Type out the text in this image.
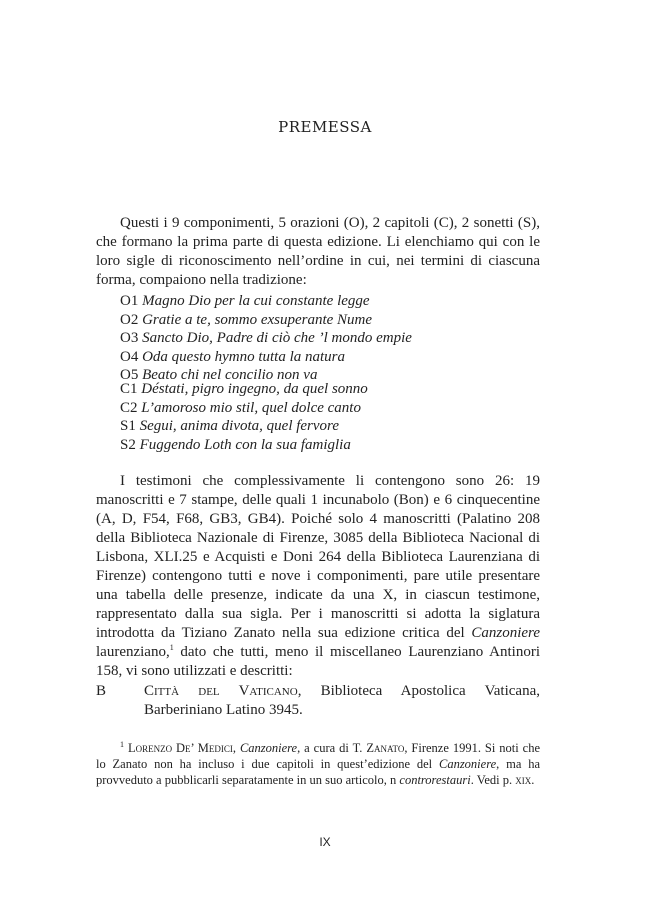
PREMESSA

Questi i 9 componimenti, 5 orazioni (O), 2 capitoli (C), 2 sonetti (S), che formano la prima parte di questa edizione. Li elenchiamo qui con le loro sigle di riconoscimento nell’ordine in cui, nei termini di ciascuna forma, compaiono nella tradizione:

O1 Magno Dio per la cui constante legge
O2 Gratie a te, sommo exsuperante Nume
O3 Sancto Dio, Padre di ciò che ’l mondo empie
O4 Oda questo hymno tutta la natura
O5 Beato chi nel concilio non va
C1 Déstati, pigro ingegno, da quel sonno
C2 L’amoroso mio stil, quel dolce canto
S1 Segui, anima divota, quel fervore
S2 Fuggendo Loth con la sua famiglia

I testimoni che complessivamente li contengono sono 26: 19 manoscritti e 7 stampe, delle quali 1 incunabolo (Bon) e 6 cinquecentine (A, D, F54, F68, GB3, GB4). Poiché solo 4 manoscritti (Palatino 208 della Biblioteca Nazionale di Firenze, 3085 della Biblioteca Nacional di Lisbona, XLI.25 e Acquisti e Doni 264 della Biblioteca Laurenziana di Firenze) contengono tutti e nove i componimenti, pare utile presentare una tabella delle presenze, indicate da una X, in ciascun testimone, rappresentato dalla sua sigla. Per i manoscritti si adotta la siglatura introdotta da Tiziano Zanato nella sua edizione critica del Canzoniere laurenziano,$^1$ dato che tutti, meno il miscellaneo Laurenziano Antinori 158, vi sono utilizzati e descritti:

B	Città del Vaticano, Biblioteca Apostolica Vaticana, Barberiniano Latino 3945.

$^1$ Lorenzo De’ Medici, Canzoniere, a cura di T. Zanato, Firenze 1991. Si noti che lo Zanato non ha incluso i due capitoli in quest’edizione del Canzoniere, ma ha provveduto a pubblicarli separatamente in un suo articolo, n controrestauri. Vedi p. xix.

IX
